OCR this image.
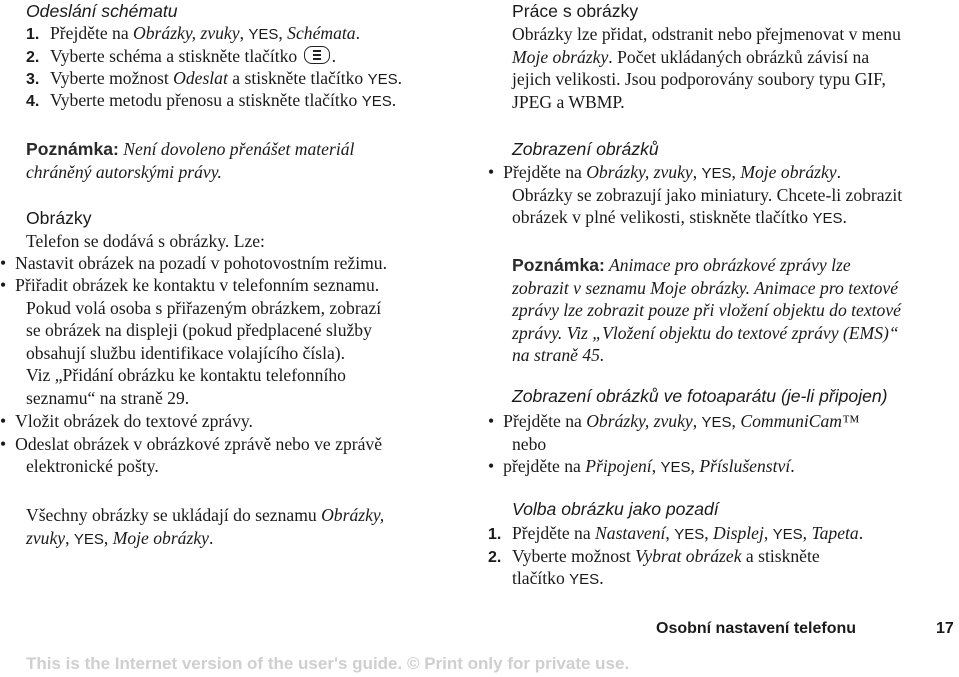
Odeslání schématu
1. Přejděte na Obrázky, zvuky, YES, Schémata.
2. Vyberte schéma a stiskněte tlačítko
.
3. Vyberte možnost Odeslat a stiskněte tlačítko YES.
4. Vyberte metodu přenosu a stiskněte tlačítko YES.
Poznámka: Není dovoleno přenášet materiál
chráněný autorskými právy.
Obrázky
Telefon se dodává s obrázky. Lze:
• Nastavit obrázek na pozadí v pohotovostním režimu.
• Přiřadit obrázek ke kontaktu v telefonním seznamu.
Pokud volá osoba s přiřazeným obrázkem, zobrazí
se obrázek na displeji (pokud předplacené služby
obsahují službu identifikace volajícího čísla).
Viz „Přidání obrázku ke kontaktu telefonního
seznamu“ na straně 29.
• Vložit obrázek do textové zprávy.
• Odeslat obrázek v obrázkové zprávě nebo ve zprávě
elektronické pošty.
Všechny obrázky se ukládají do seznamu Obrázky,
zvuky, YES, Moje obrázky.
Práce s obrázky
Obrázky lze přidat, odstranit nebo přejmenovat v menu
Moje obrázky. Počet ukládaných obrázků závisí na
jejich velikosti. Jsou podporovány soubory typu GIF,
JPEG a WBMP.
Zobrazení obrázků
• Přejděte na Obrázky, zvuky, YES, Moje obrázky.
Obrázky se zobrazují jako miniatury. Chcete-li zobrazit
obrázek v plné velikosti, stiskněte tlačítko YES.
Poznámka: Animace pro obrázkové zprávy lze
zobrazit v seznamu Moje obrázky. Animace pro textové
zprávy lze zobrazit pouze při vložení objektu do textové
zprávy. Viz „Vložení objektu do textové zprávy (EMS)“
na straně 45.
Zobrazení obrázků ve fotoaparátu (je-li připojen)
• Přejděte na Obrázky, zvuky, YES, CommuniCam™
nebo
• přejděte na Připojení, YES, Příslušenství.
Volba obrázku jako pozadí
1. Přejděte na Nastavení, YES, Displej, YES, Tapeta.
2. Vyberte možnost Vybrat obrázek a stiskněte
tlačítko YES.
Osobní nastavení telefonu	17
This is the Internet version of the user's guide. © Print only for private use.
